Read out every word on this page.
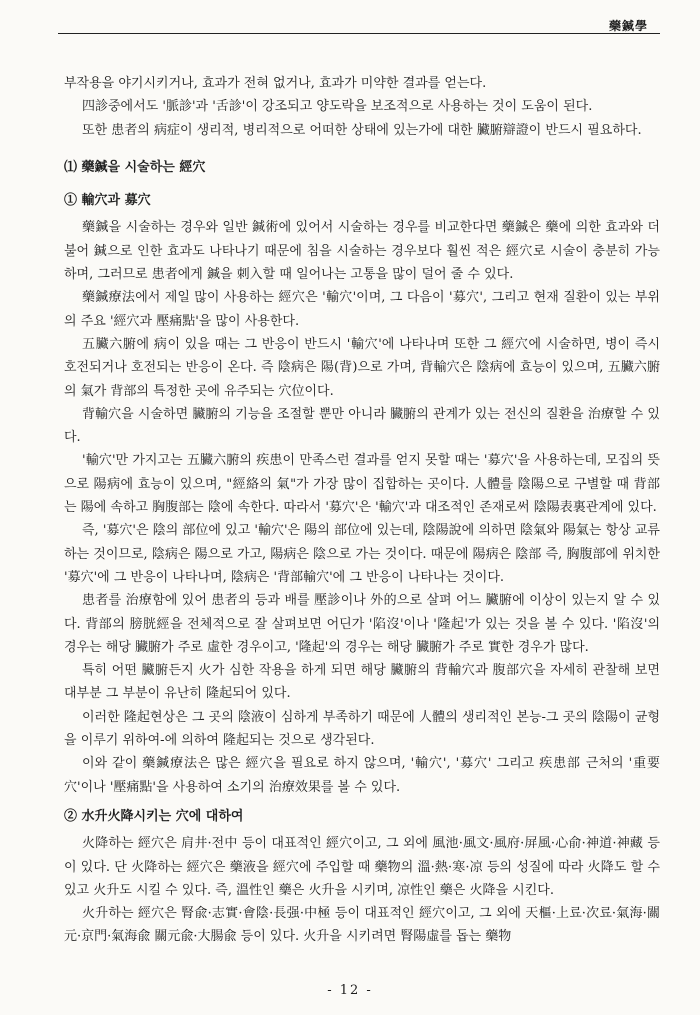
藥鍼學

부작용을 야기시키거나, 효과가 전혀 없거나, 효과가 미약한 결과를 얻는다.

四診중에서도 '脈診'과 '舌診'이 강조되고 양도락을 보조적으로 사용하는 것이 도움이 된다.

또한 患者의 病症이 생리적, 병리적으로 어떠한 상태에 있는가에 대한 臟腑辯證이 반드시 필요하다.

⑴ 藥鍼을 시술하는 經穴

① 輸穴과 募穴

藥鍼을 시술하는 경우와 일반 鍼術에 있어서 시술하는 경우를 비교한다면 藥鍼은 藥에 의한 효과와 더불어 鍼으로 인한 효과도 나타나기 때문에 침을 시술하는 경우보다 훨씬 적은 經穴로 시술이 충분히 가능하며, 그러므로 患者에게 鍼을 刺入할 때 일어나는 고통을 많이 덜어 줄 수 있다.

藥鍼療法에서 제일 많이 사용하는 經穴은 '輸穴'이며, 그 다음이 '募穴', 그리고 현재 질환이 있는 부위의 주요 '經穴과 壓痛點'을 많이 사용한다.

五臟六腑에 病이 있을 때는 그 반응이 반드시 '輸穴'에 나타나며 또한 그 經穴에 시술하면, 병이 즉시 호전되거나 호전되는 반응이 온다. 즉 陰病은 陽(背)으로 가며, 背輸穴은 陰病에 효능이 있으며, 五臟六腑의 氣가 背部의 특정한 곳에 유주되는 穴位이다.

背輸穴을 시술하면 臟腑의 기능을 조절할 뿐만 아니라 臟腑의 관계가 있는 전신의 질환을 治療할 수 있다.

'輸穴'만 가지고는 五臟六腑의 疾患이 만족스런 결과를 얻지 못할 때는 '募穴'을 사용하는데, 모집의 뜻으로 陽病에 효능이 있으며, "經絡의 氣"가 가장 많이 집합하는 곳이다. 人體를 陰陽으로 구별할 때 背部는 陽에 속하고 胸腹部는 陰에 속한다. 따라서 '募穴'은 '輸穴'과 대조적인 존재로써 陰陽表裏관계에 있다.

즉, '募穴'은 陰의 部位에 있고 '輸穴'은 陽의 部位에 있는데, 陰陽說에 의하면 陰氣와 陽氣는 항상 교류하는 것이므로, 陰病은 陽으로 가고, 陽病은 陰으로 가는 것이다. 때문에 陽病은 陰部 즉, 胸腹部에 위치한 '募穴'에 그 반응이 나타나며, 陰病은 '背部輸穴'에 그 반응이 나타나는 것이다.

患者를 治療함에 있어 患者의 등과 배를 壓診이나 外的으로 살펴 어느 臟腑에 이상이 있는지 알 수 있다. 背部의 膀胱經을 전체적으로 잘 살펴보면 어딘가 '陷沒'이나 '隆起'가 있는 것을 볼 수 있다. '陷沒'의 경우는 해당 臟腑가 주로 虛한 경우이고, '隆起'의 경우는 해당 臟腑가 주로 實한 경우가 많다.

특히 어떤 臟腑든지 火가 심한 작용을 하게 되면 해당 臟腑의 背輸穴과 腹部穴을 자세히 관찰해 보면 대부분 그 부분이 유난히 隆起되어 있다.

이러한 隆起현상은 그 곳의 陰液이 심하게 부족하기 때문에 人體의 생리적인 본능-그 곳의 陰陽이 균형을 이루기 위하여-에 의하여 隆起되는 것으로 생각된다.

이와 같이 藥鍼療法은 많은 經穴을 필요로 하지 않으며, '輸穴', '募穴' 그리고 疾患部 근처의 '重要穴'이나 '壓痛點'을 사용하여 소기의 治療效果를 볼 수 있다.

② 水升火降시키는 穴에 대하여

火降하는 經穴은 肩井·전中 등이 대표적인 經穴이고, 그 외에 風池·風文·風府·屏風·心俞·神道·神藏 등이 있다. 단 火降하는 經穴은 藥液을 經穴에 주입할 때 藥物의 溫·熱·寒·凉 등의 성질에 따라 火降도 할 수 있고 火升도 시킬 수 있다. 즉, 溫性인 藥은 火升을 시키며, 凉性인 藥은 火降을 시킨다.

火升하는 經穴은 腎兪·志實·會陰·長强·中極 등이 대표적인 經穴이고, 그 외에 天樞·上료·次료·氣海·關元·京門·氣海兪 關元兪·大腸兪 등이 있다. 火升을 시키려면 腎陽虛를 돕는 藥物

- 12 -
